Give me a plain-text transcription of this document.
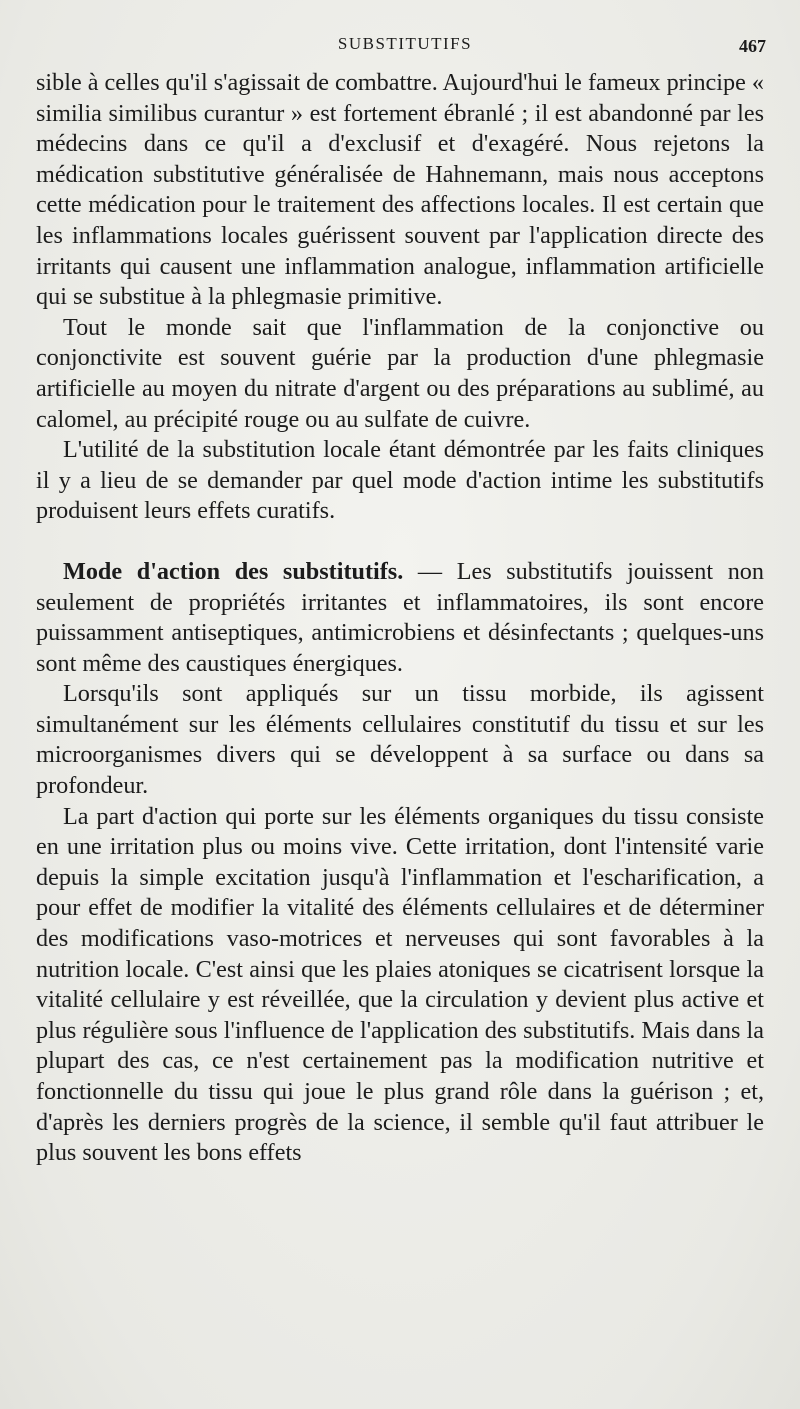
SUBSTITUTIFS	467

sible à celles qu'il s'agissait de combattre. Aujourd'hui le fameux principe « similia similibus curantur » est fortement ébranlé ; il est abandonné par les médecins dans ce qu'il a d'exclusif et d'exagéré. Nous rejetons la médication substitutive généralisée de Hahnemann, mais nous acceptons cette médication pour le traitement des affections locales. Il est certain que les inflammations locales guérissent souvent par l'application directe des irritants qui causent une inflammation analogue, inflammation artificielle qui se substitue à la phlegmasie primitive.

Tout le monde sait que l'inflammation de la conjonctive ou conjonctivite est souvent guérie par la production d'une phlegmasie artificielle au moyen du nitrate d'argent ou des préparations au sublimé, au calomel, au précipité rouge ou au sulfate de cuivre.

L'utilité de la substitution locale étant démontrée par les faits cliniques il y a lieu de se demander par quel mode d'action intime les substitutifs produisent leurs effets curatifs.

Mode d'action des substitutifs. — Les substitutifs jouissent non seulement de propriétés irritantes et inflammatoires, ils sont encore puissamment antiseptiques, antimicrobiens et désinfectants ; quelques-uns sont même des caustiques énergiques.

Lorsqu'ils sont appliqués sur un tissu morbide, ils agissent simultanément sur les éléments cellulaires constitutif du tissu et sur les microorganismes divers qui se développent à sa surface ou dans sa profondeur.

La part d'action qui porte sur les éléments organiques du tissu consiste en une irritation plus ou moins vive. Cette irritation, dont l'intensité varie depuis la simple excitation jusqu'à l'inflammation et l'escharification, a pour effet de modifier la vitalité des éléments cellulaires et de déterminer des modifications vaso-motrices et nerveuses qui sont favorables à la nutrition locale. C'est ainsi que les plaies atoniques se cicatrisent lorsque la vitalité cellulaire y est réveillée, que la circulation y devient plus active et plus régulière sous l'influence de l'application des substitutifs. Mais dans la plupart des cas, ce n'est certainement pas la modification nutritive et fonctionnelle du tissu qui joue le plus grand rôle dans la guérison ; et, d'après les derniers progrès de la science, il semble qu'il faut attribuer le plus souvent les bons effets
